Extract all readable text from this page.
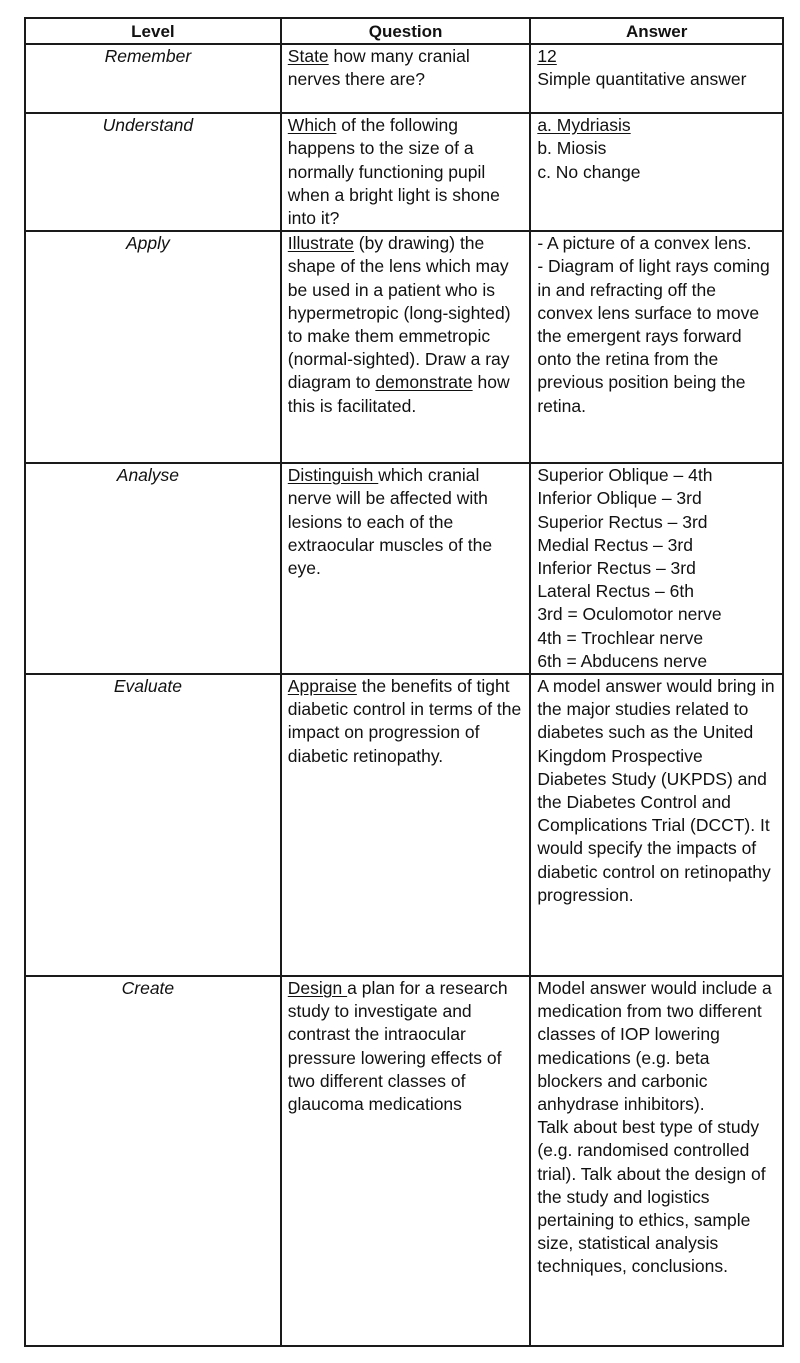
Level	Question	Answer
Remember	State how many cranial nerves there are?	12
Simple quantitative answer

Understand	Which of the following happens to the size of a normally functioning pupil when a bright light is shone into it?	a. Mydriasis
b. Miosis
c. No change

Apply	Illustrate (by drawing) the shape of the lens which may be used in a patient who is hypermetropic (long-sighted) to make them emmetropic (normal-sighted). Draw a ray diagram to demonstrate how this is facilitated.	
- A picture of a convex lens.
- Diagram of light rays coming in and refracting off the convex lens surface to move the emergent rays forward onto the retina from the previous position being the retina.

Analyse	Distinguish which cranial nerve will be affected with lesions to each of the extraocular muscles of the eye.	
Superior Oblique – 4th
Inferior Oblique – 3rd
Superior Rectus – 3rd
Medial Rectus – 3rd
Inferior Rectus – 3rd
Lateral Rectus – 6th
3rd = Oculomotor nerve
4th = Trochlear nerve
6th = Abducens nerve

Evaluate	Appraise the benefits of tight diabetic control in terms of the impact on progression of diabetic retinopathy.	A model answer would bring in the major studies related to diabetes such as the United Kingdom Prospective Diabetes Study (UKPDS) and the Diabetes Control and Complications Trial (DCCT). It would specify the impacts of diabetic control on retinopathy progression.

Create	Design a plan for a research study to investigate and contrast the intraocular pressure lowering effects of two different classes of glaucoma medications	Model answer would include a medication from two different classes of IOP lowering medications (e.g. beta blockers and carbonic anhydrase inhibitors).
Talk about best type of study (e.g. randomised controlled trial). Talk about the design of the study and logistics pertaining to ethics, sample size, statistical analysis techniques, conclusions.
